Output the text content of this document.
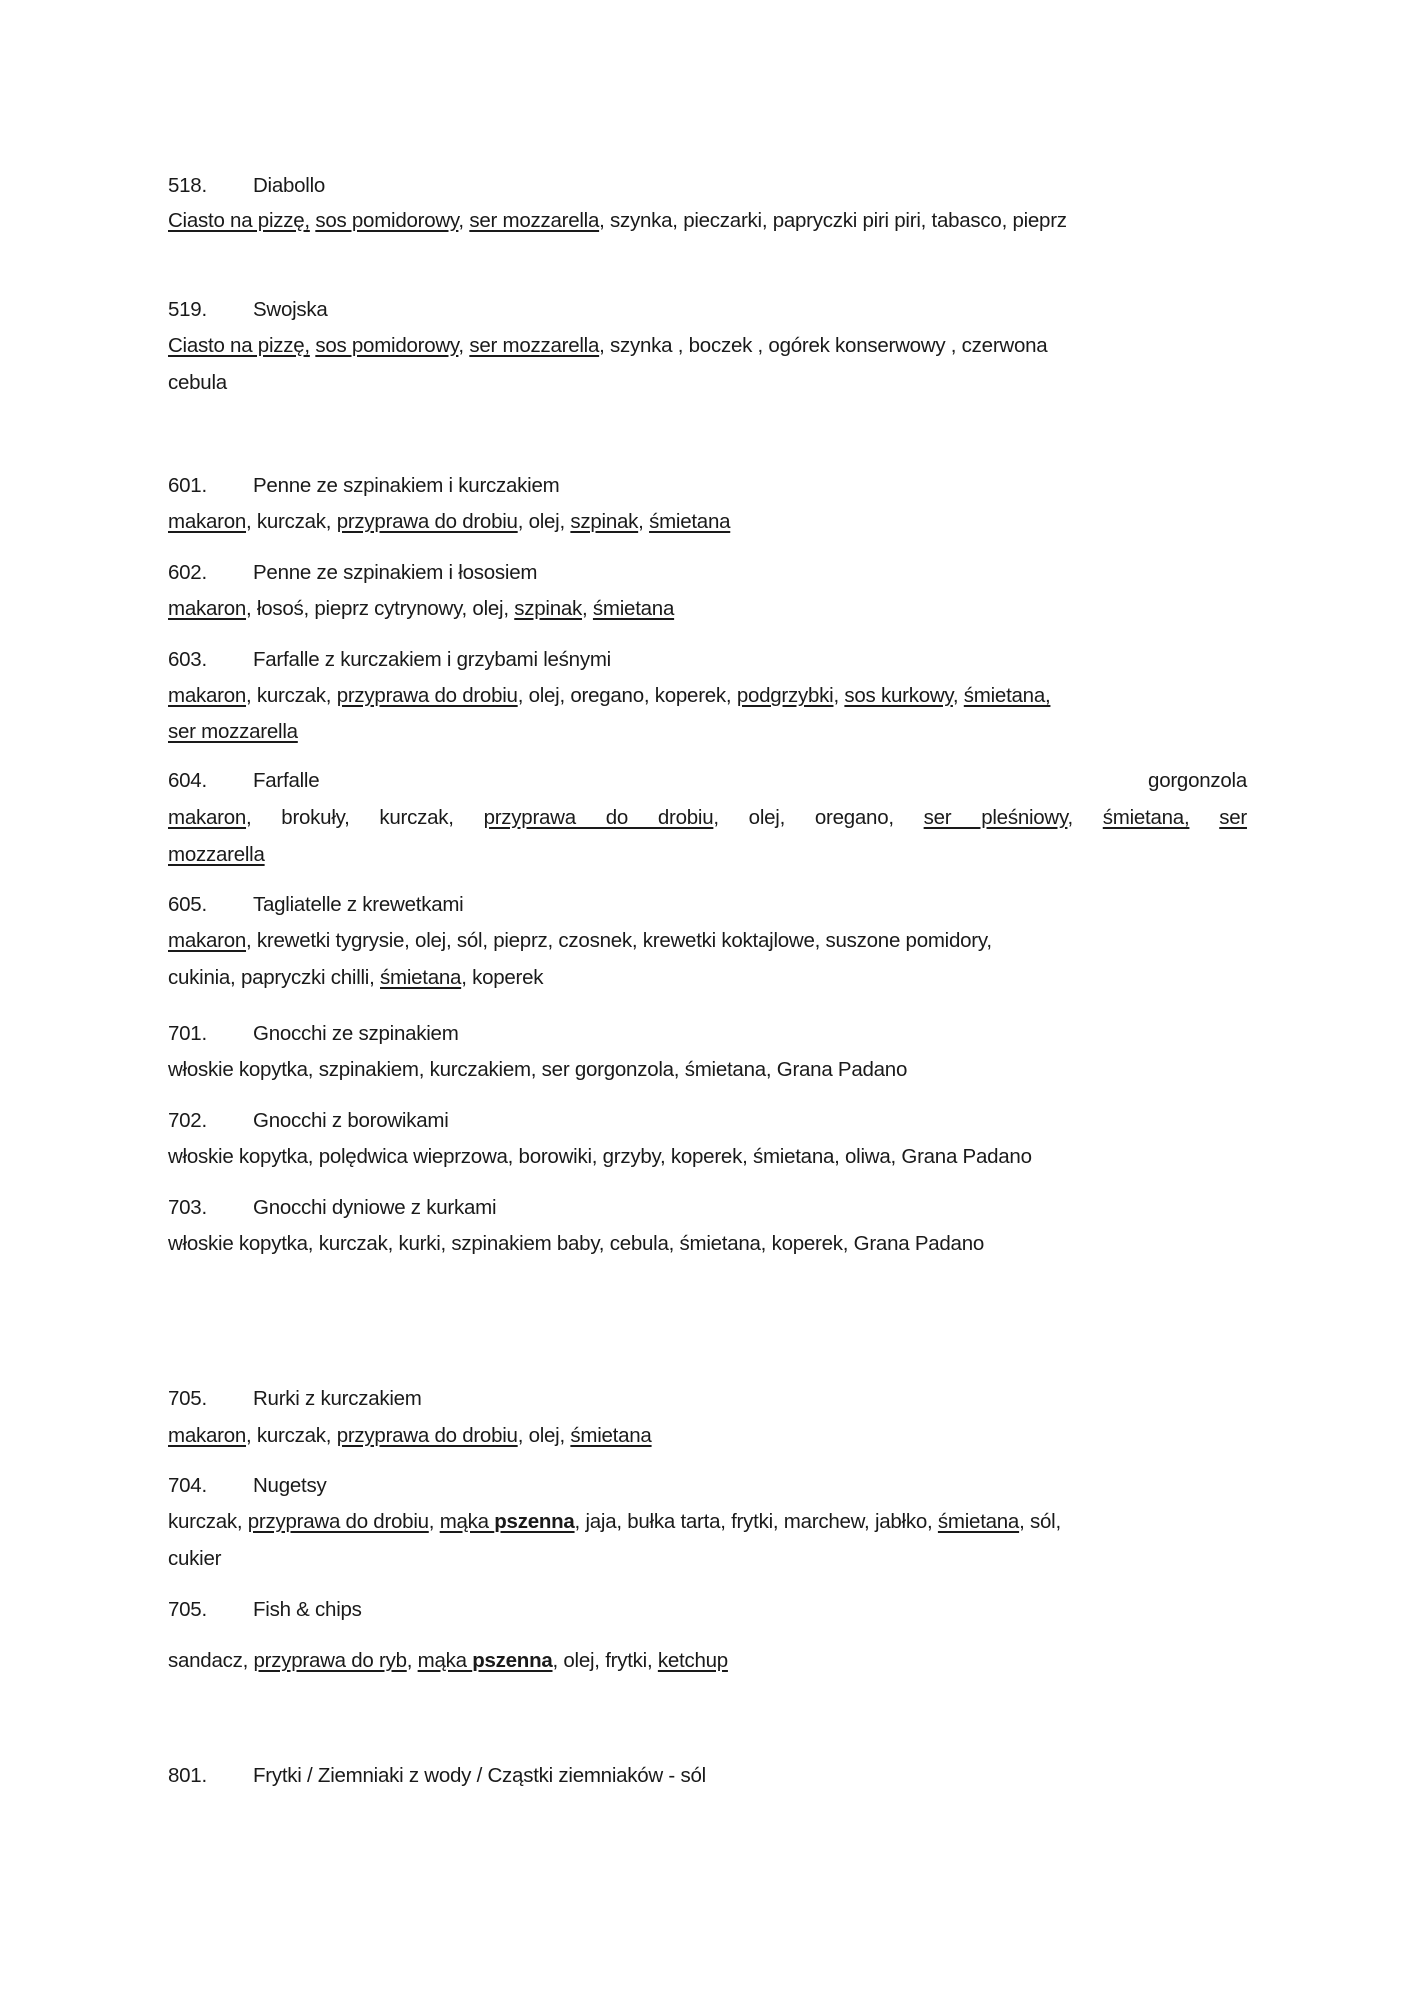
518. Diabollo
Ciasto na pizzę, sos pomidorowy, ser mozzarella, szynka, pieczarki, papryczki piri piri, tabasco, pieprz
519. Swojska
Ciasto na pizzę, sos pomidorowy, ser mozzarella, szynka , boczek , ogórek konserwowy , czerwona
cebula
601. Penne ze szpinakiem i kurczakiem
makaron, kurczak, przyprawa do drobiu, olej, szpinak, śmietana
602. Penne ze szpinakiem i łososiem
makaron, łosoś, pieprz cytrynowy, olej, szpinak, śmietana
603. Farfalle z kurczakiem i grzybami leśnymi
makaron, kurczak, przyprawa do drobiu, olej, oregano, koperek, podgrzybki, sos kurkowy, śmietana,
ser mozzarella
604. Farfalle	gorgonzola
makaron, brokuły, kurczak, przyprawa do drobiu, olej, oregano, ser pleśniowy, śmietana, ser
mozzarella
605. Tagliatelle z krewetkami
makaron, krewetki tygrysie, olej, sól, pieprz, czosnek, krewetki koktajlowe, suszone pomidory,
cukinia, papryczki chilli, śmietana, koperek
701. Gnocchi ze szpinakiem
włoskie kopytka, szpinakiem, kurczakiem, ser gorgonzola, śmietana, Grana Padano
702. Gnocchi z borowikami
włoskie kopytka, polędwica wieprzowa, borowiki, grzyby, koperek, śmietana, oliwa, Grana Padano
703. Gnocchi dyniowe z kurkami
włoskie kopytka, kurczak, kurki, szpinakiem baby, cebula, śmietana, koperek, Grana Padano
705. Rurki z kurczakiem
makaron, kurczak, przyprawa do drobiu, olej, śmietana
704. Nugetsy
kurczak, przyprawa do drobiu, mąka pszenna, jaja, bułka tarta, frytki, marchew, jabłko, śmietana, sól,
cukier
705. Fish & chips
sandacz, przyprawa do ryb, mąka pszenna, olej, frytki, ketchup
801. Frytki / Ziemniaki z wody / Cząstki ziemniaków - sól
